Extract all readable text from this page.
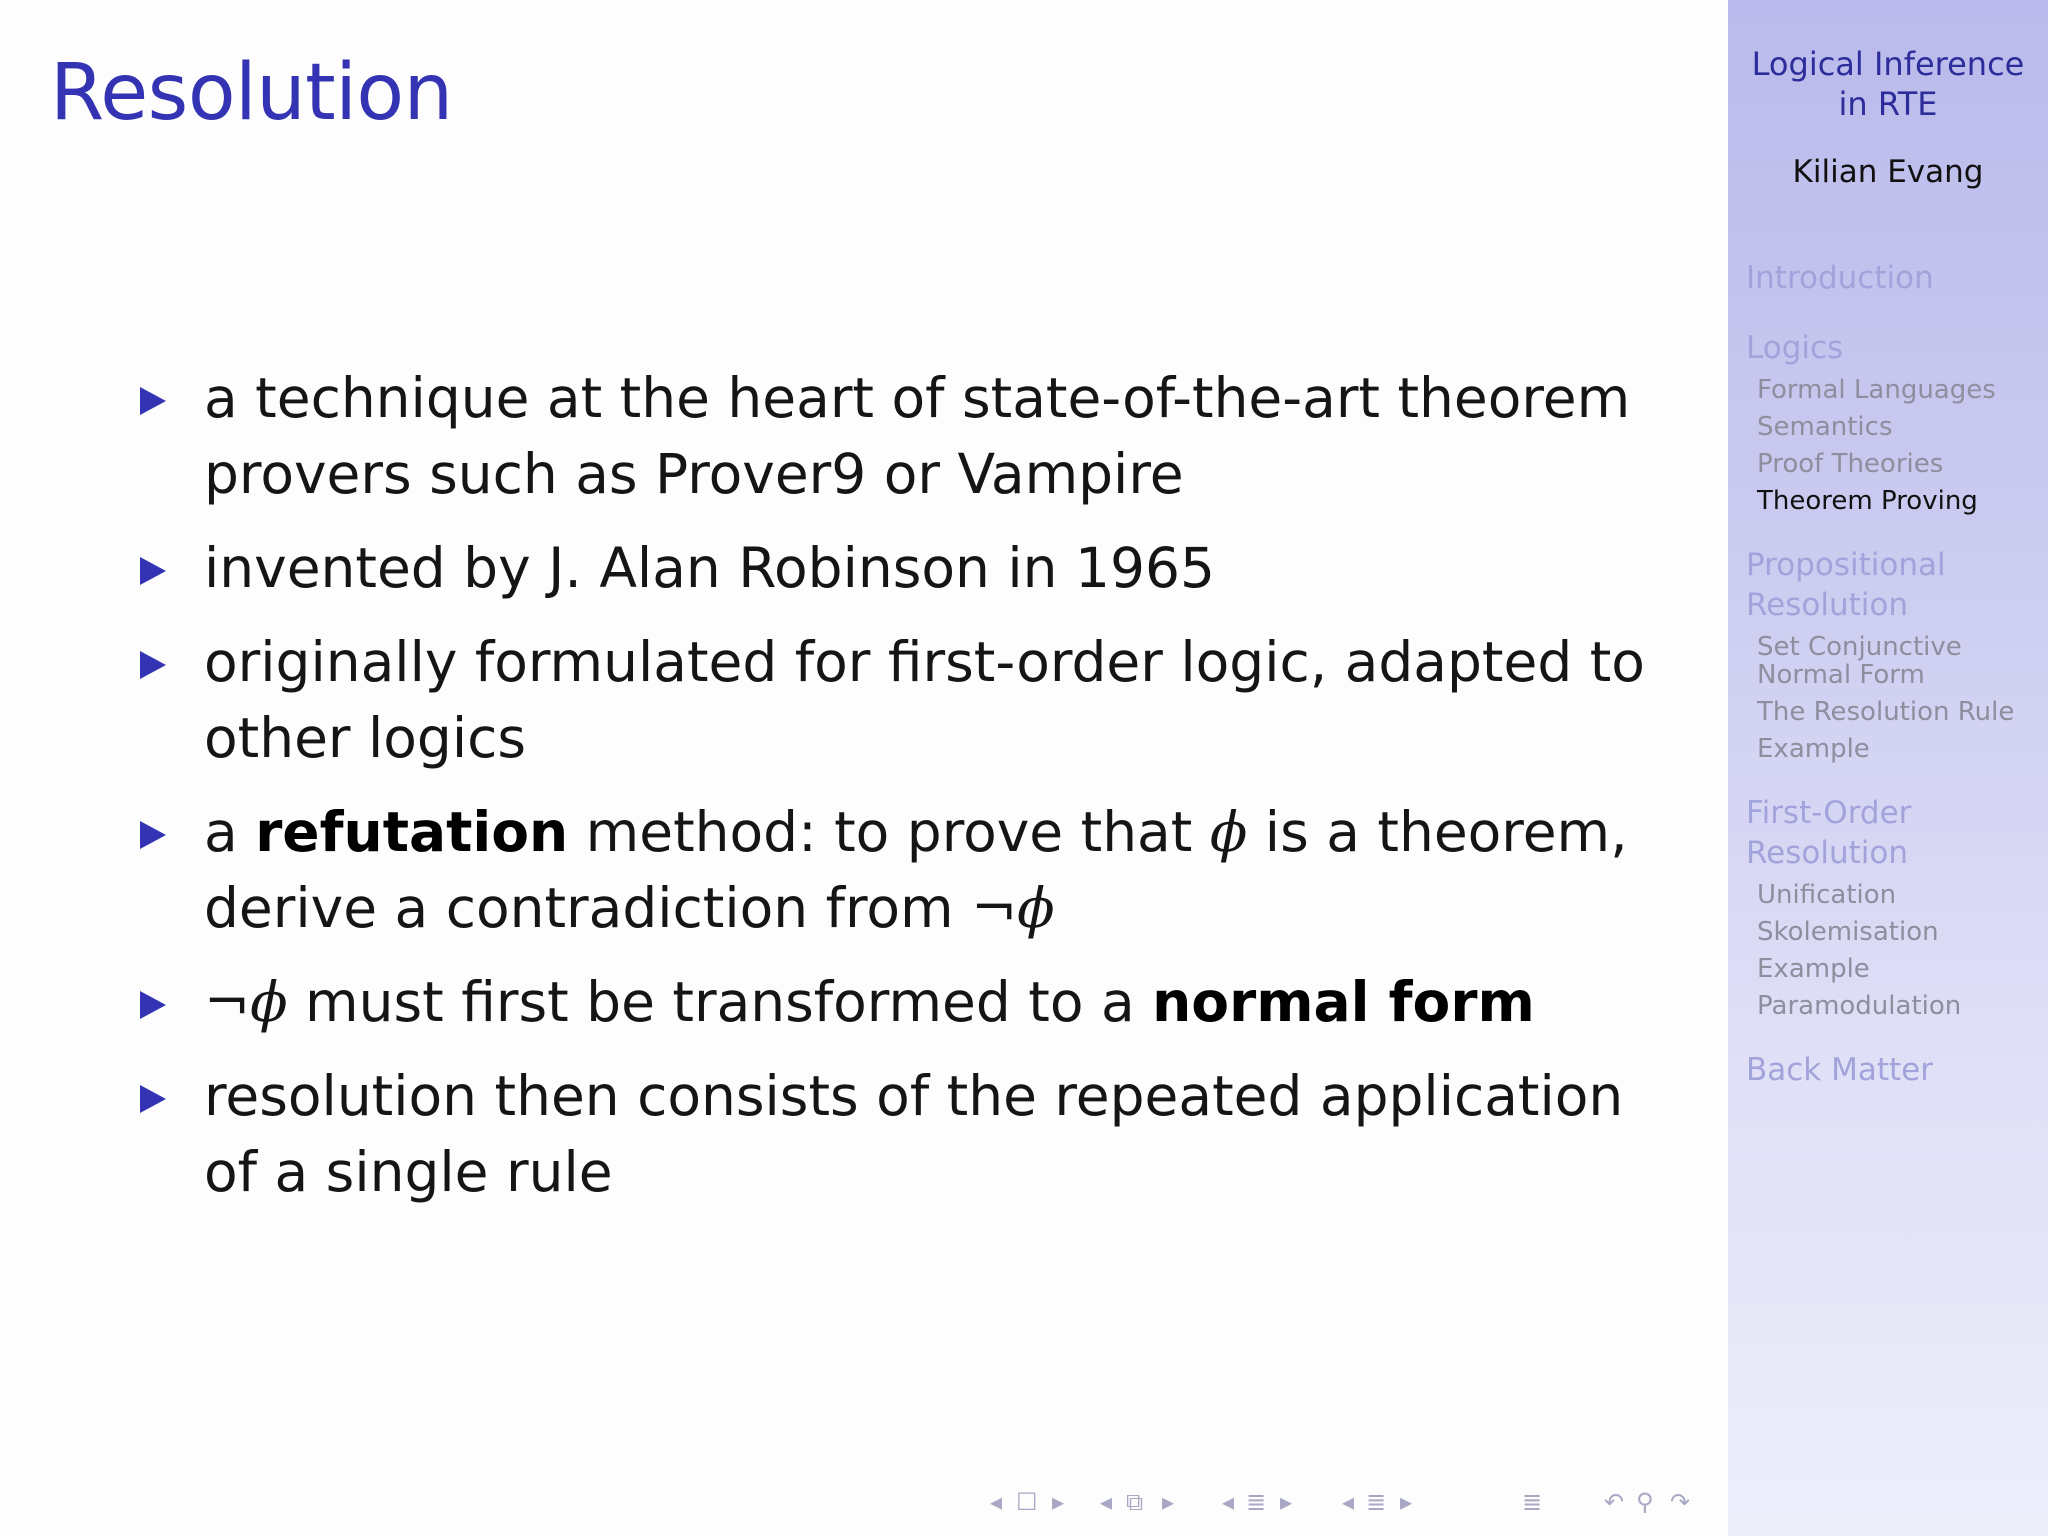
Resolution
a technique at the heart of state-of-the-art theorem provers such as Prover9 or Vampire
invented by J. Alan Robinson in 1965
originally formulated for first-order logic, adapted to other logics
a refutation method: to prove that ϕ is a theorem, derive a contradiction from ¬ϕ
¬ϕ must first be transformed to a normal form
resolution then consists of the repeated application of a single rule
◂ ☐ ▸ ◂ ⧉ ▸ ◂ ≣ ▸ ◂ ≣ ▸	≣	↶ ⚲ ↷
Logical Inference
in RTE
Kilian Evang
Introduction
Logics
Formal Languages
Semantics
Proof Theories
Theorem Proving
Propositional Resolution
Set Conjunctive Normal Form
The Resolution Rule
Example
First-Order Resolution
Unification
Skolemisation
Example
Paramodulation
Back Matter
